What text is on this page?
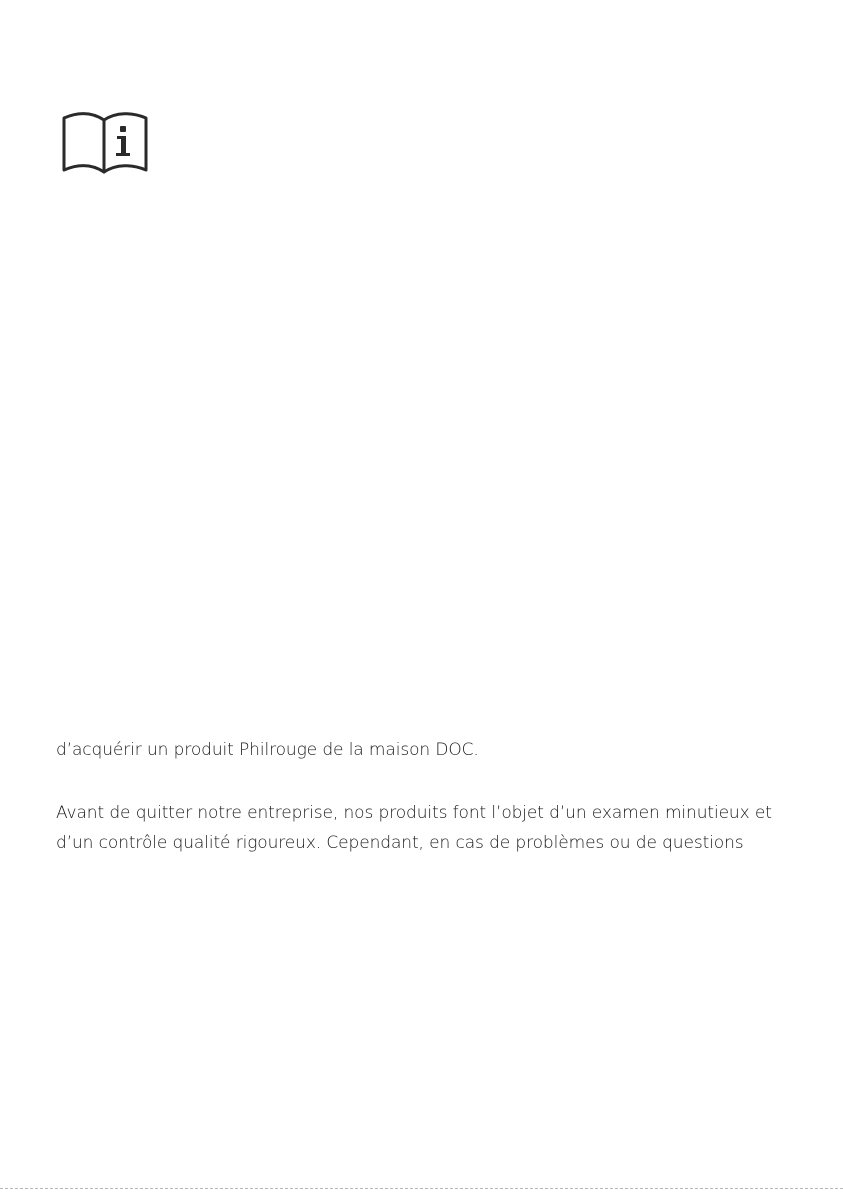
d’acquérir un produit Philrouge de la maison DOC.
Avant de quitter notre entreprise, nos produits font l’objet d’un examen minutieux et
d’un contrôle qualité rigoureux. Cependant, en cas de problèmes ou de questions
